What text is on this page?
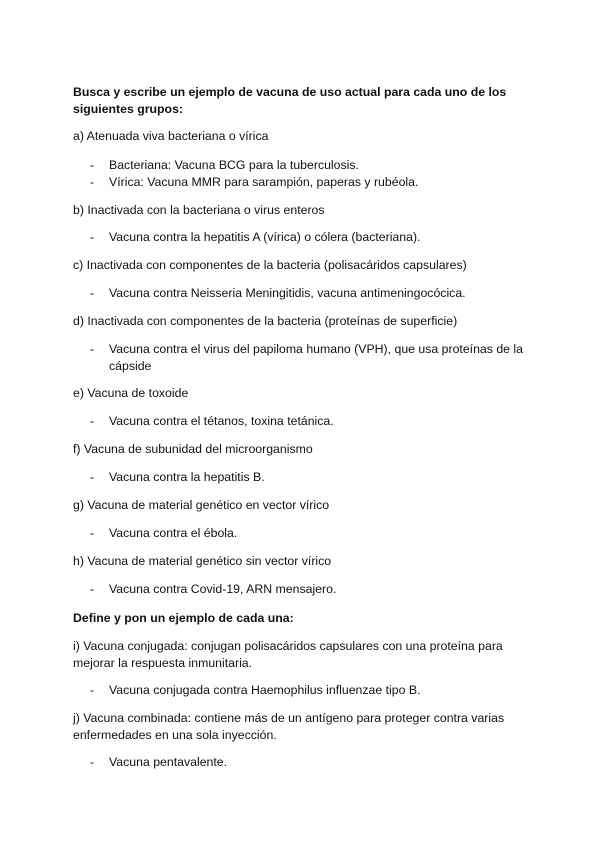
Busca y escribe un ejemplo de vacuna de uso actual para cada uno de los siguientes grupos:

a) Atenuada viva bacteriana o vírica

- Bacteriana: Vacuna BCG para la tuberculosis.
- Vírica: Vacuna MMR para sarampión, paperas y rubéola.

b) Inactivada con la bacteriana o virus enteros

- Vacuna contra la hepatitis A (vírica) o cólera (bacteriana).

c) Inactivada con componentes de la bacteria (polisacáridos capsulares)

- Vacuna contra Neisseria Meningitidis, vacuna antimeningocócica.

d) Inactivada con componentes de la bacteria (proteínas de superficie)

- Vacuna contra el virus del papiloma humano (VPH), que usa proteínas de la cápside

e) Vacuna de toxoide

- Vacuna contra el tétanos, toxina tetánica.

f) Vacuna de subunidad del microorganismo

- Vacuna contra la hepatitis B.

g) Vacuna de material genético en vector vírico

- Vacuna contra el ébola.

h) Vacuna de material genético sin vector vírico

- Vacuna contra Covid-19, ARN mensajero.

Define y pon un ejemplo de cada una:

i) Vacuna conjugada: conjugan polisacáridos capsulares con una proteína para mejorar la respuesta inmunitaria.

- Vacuna conjugada contra Haemophilus influenzae tipo B.

j) Vacuna combinada: contiene más de un antígeno para proteger contra varias enfermedades en una sola inyección.

- Vacuna pentavalente.
